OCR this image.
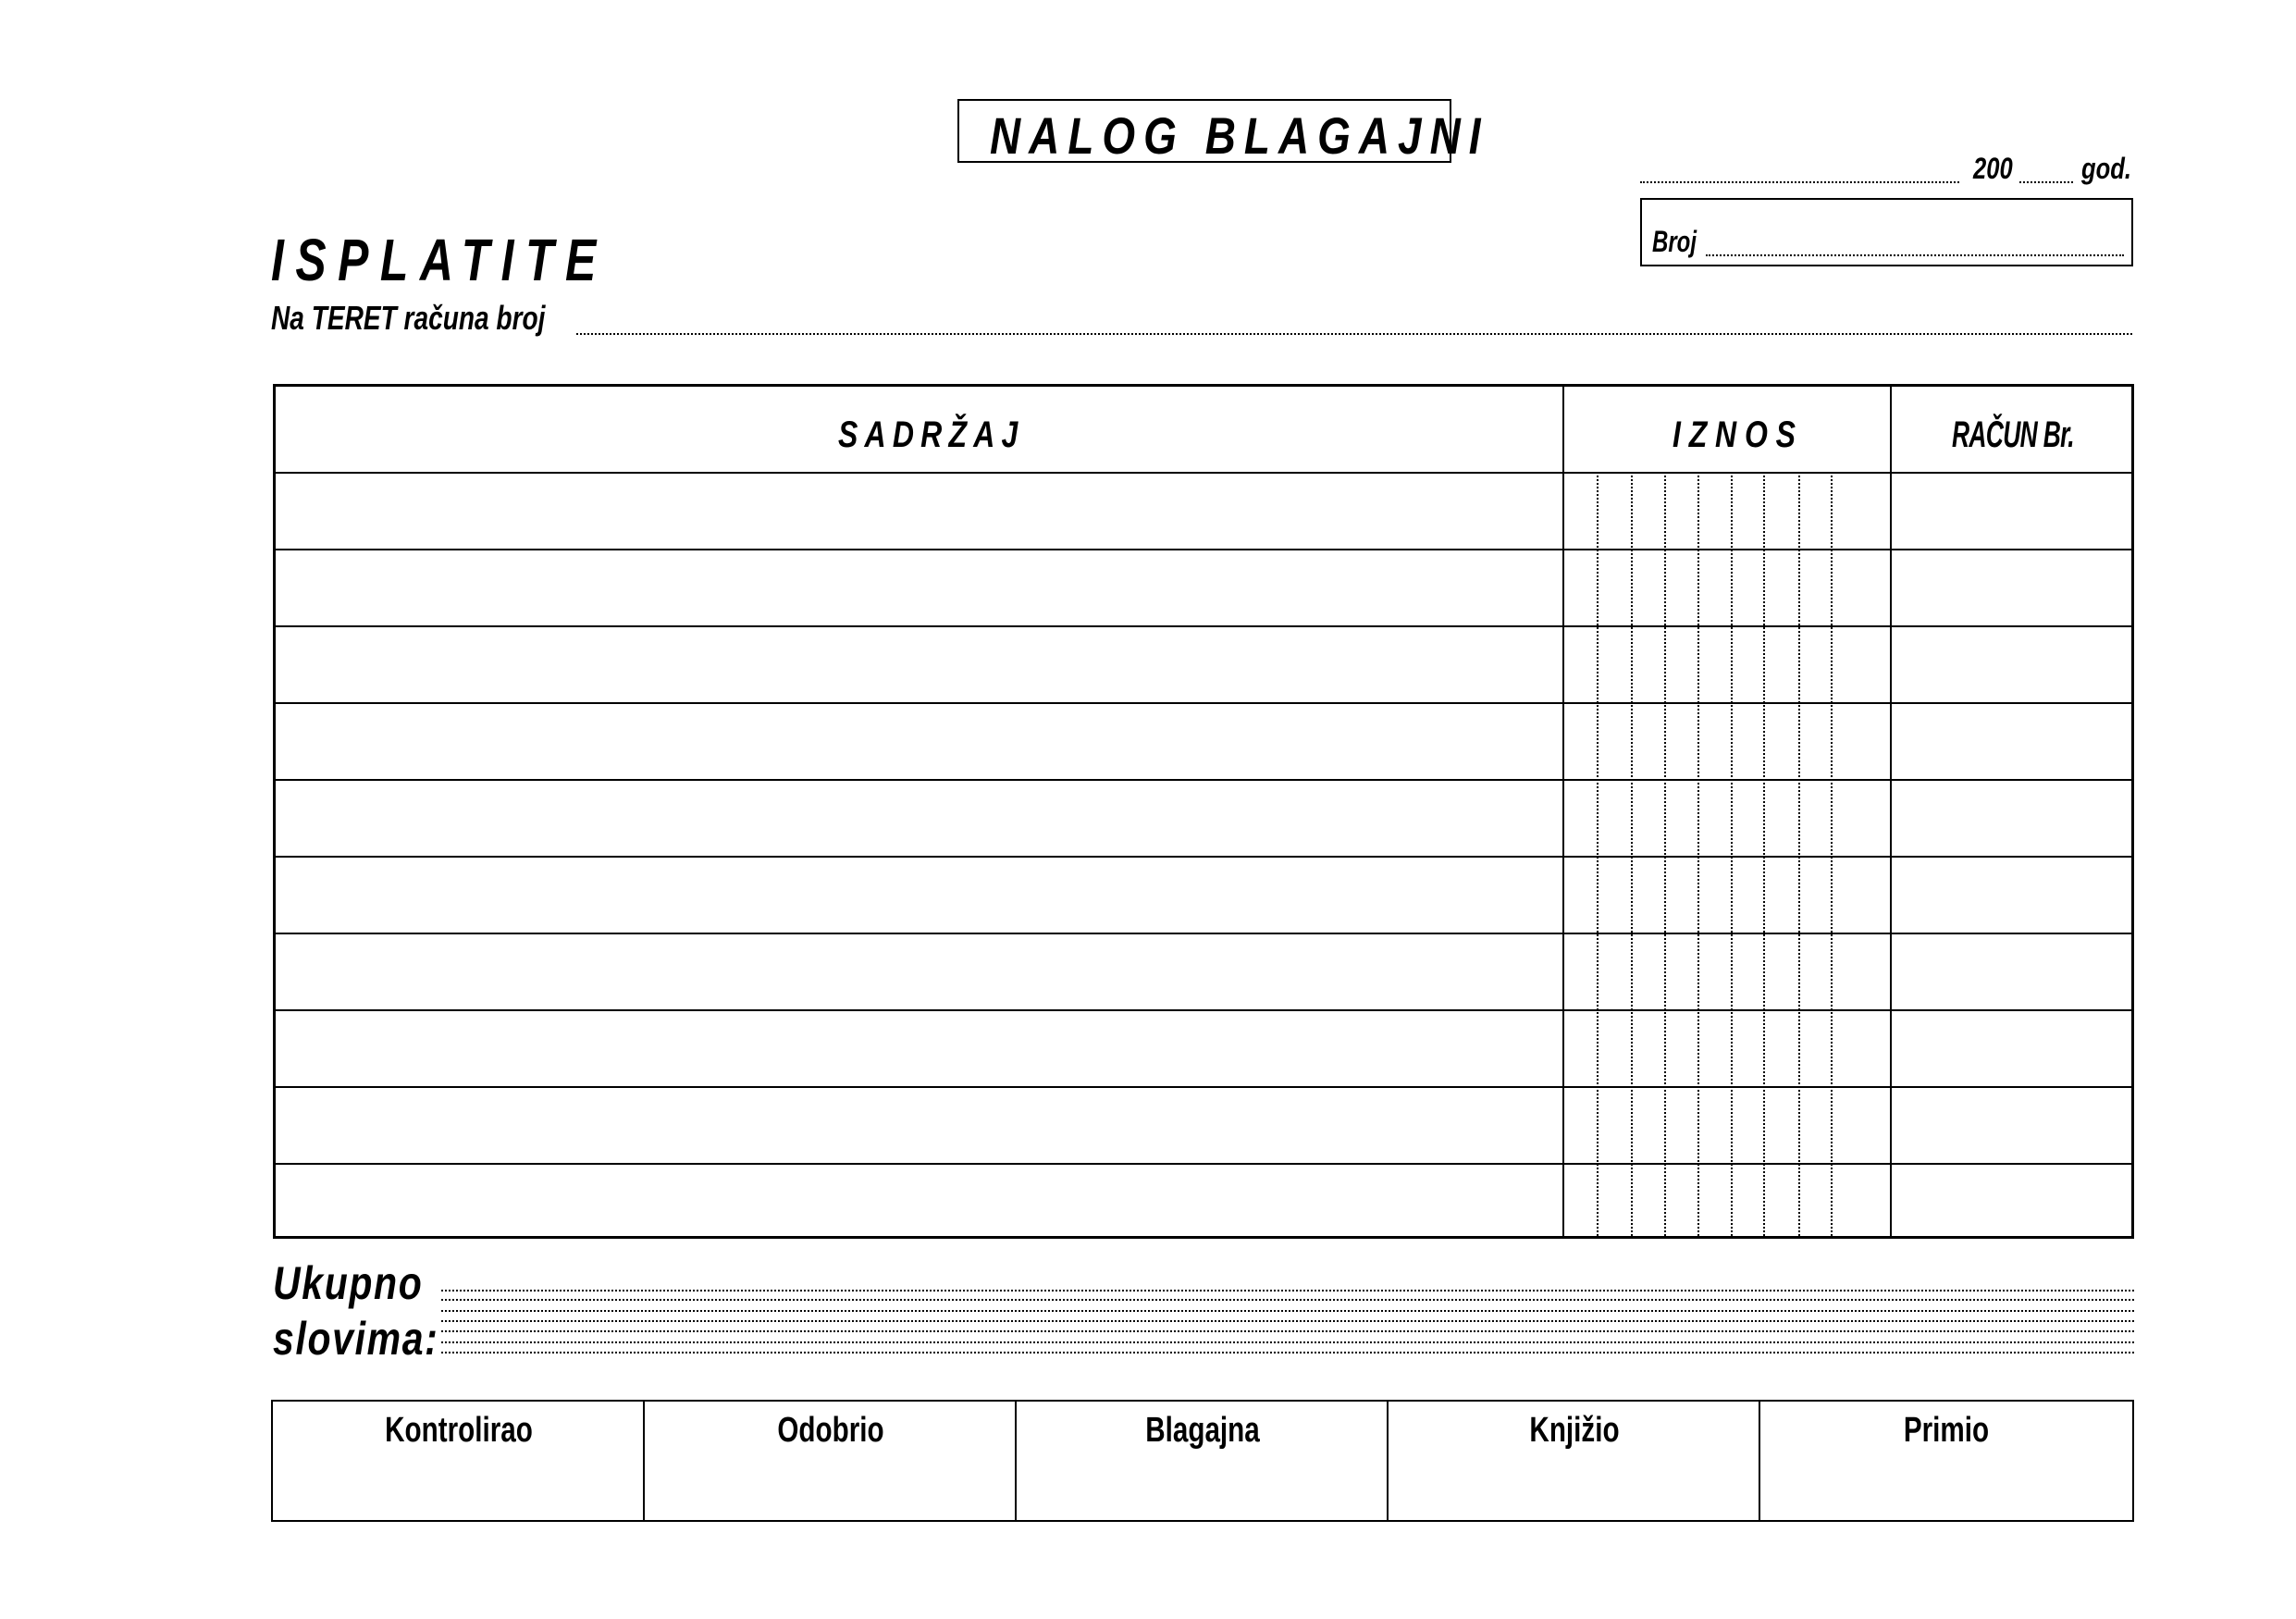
NALOG BLAGAJNI
200 god.
Broj
ISPLATITE
Na TERET računa broj
SADRŽAJ	IZNOS	RAČUN Br.
Ukupno
slovima:
Kontrolirao	Odobrio	Blagajna	Knjižio	Primio
